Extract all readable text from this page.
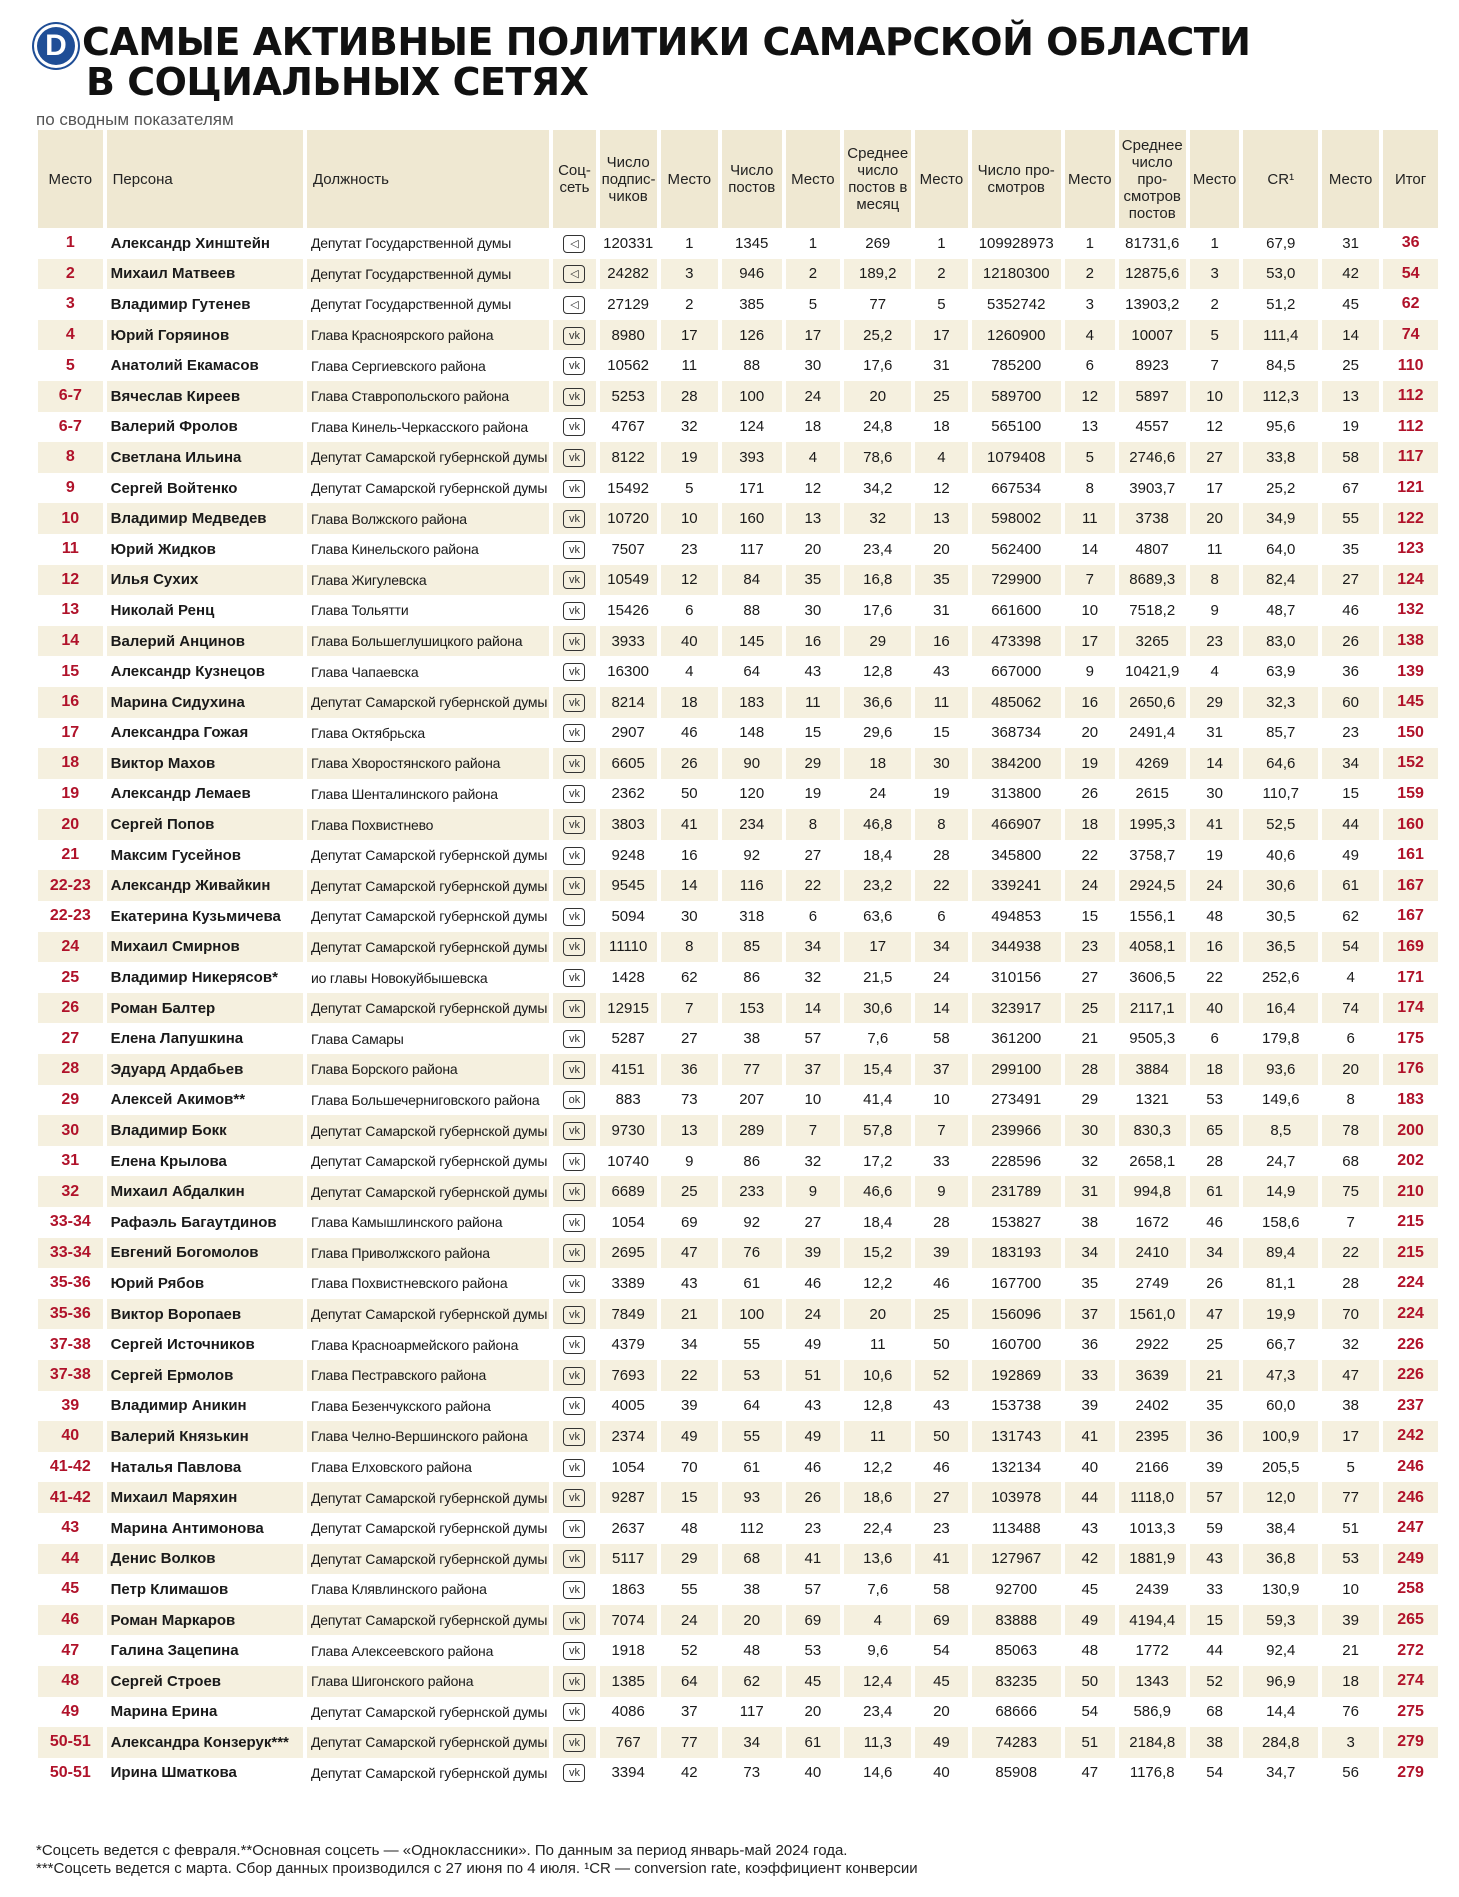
D САМЫЕ АКТИВНЫЕ ПОЛИТИКИ САМАРСКОЙ ОБЛАСТИ
В СОЦИАЛЬНЫХ СЕТЯХ
по сводным показателям
Место	Персона	Должность	Соц-сеть	Число подпис-чиков	Место	Число постов	Место	Среднее число постов в месяц	Место	Число про-смотров	Место	Среднее число про-смотров постов	Место	CR¹	Место	Итог
1	Александр Хинштейн	Депутат Государственной думы	◁	120331	1	1345	1	269	1	109928973	1	81731,6	1	67,9	31	36
2	Михаил Матвеев	Депутат Государственной думы	◁	24282	3	946	2	189,2	2	12180300	2	12875,6	3	53,0	42	54
3	Владимир Гутенев	Депутат Государственной думы	◁	27129	2	385	5	77	5	5352742	3	13903,2	2	51,2	45	62
4	Юрий Горяинов	Глава Красноярского района	vk	8980	17	126	17	25,2	17	1260900	4	10007	5	111,4	14	74
5	Анатолий Екамасов	Глава Сергиевского района	vk	10562	11	88	30	17,6	31	785200	6	8923	7	84,5	25	110
6-7	Вячеслав Киреев	Глава Ставропольского района	vk	5253	28	100	24	20	25	589700	12	5897	10	112,3	13	112
6-7	Валерий Фролов	Глава Кинель-Черкасского района	vk	4767	32	124	18	24,8	18	565100	13	4557	12	95,6	19	112
8	Светлана Ильина	Депутат Самарской губернской думы	vk	8122	19	393	4	78,6	4	1079408	5	2746,6	27	33,8	58	117
9	Сергей Войтенко	Депутат Самарской губернской думы	vk	15492	5	171	12	34,2	12	667534	8	3903,7	17	25,2	67	121
10	Владимир Медведев	Глава Волжского района	vk	10720	10	160	13	32	13	598002	11	3738	20	34,9	55	122
11	Юрий Жидков	Глава Кинельского района	vk	7507	23	117	20	23,4	20	562400	14	4807	11	64,0	35	123
12	Илья Сухих	Глава Жигулевска	vk	10549	12	84	35	16,8	35	729900	7	8689,3	8	82,4	27	124
13	Николай Ренц	Глава Тольятти	vk	15426	6	88	30	17,6	31	661600	10	7518,2	9	48,7	46	132
14	Валерий Анцинов	Глава Большеглушицкого района	vk	3933	40	145	16	29	16	473398	17	3265	23	83,0	26	138
15	Александр Кузнецов	Глава Чапаевска	vk	16300	4	64	43	12,8	43	667000	9	10421,9	4	63,9	36	139
16	Марина Сидухина	Депутат Самарской губернской думы	vk	8214	18	183	11	36,6	11	485062	16	2650,6	29	32,3	60	145
17	Александра Гожая	Глава Октябрьска	vk	2907	46	148	15	29,6	15	368734	20	2491,4	31	85,7	23	150
18	Виктор Махов	Глава Хворостянского района	vk	6605	26	90	29	18	30	384200	19	4269	14	64,6	34	152
19	Александр Лемаев	Глава Шенталинского района	vk	2362	50	120	19	24	19	313800	26	2615	30	110,7	15	159
20	Сергей Попов	Глава Похвистнево	vk	3803	41	234	8	46,8	8	466907	18	1995,3	41	52,5	44	160
21	Максим Гусейнов	Депутат Самарской губернской думы	vk	9248	16	92	27	18,4	28	345800	22	3758,7	19	40,6	49	161
22-23	Александр Живайкин	Депутат Самарской губернской думы	vk	9545	14	116	22	23,2	22	339241	24	2924,5	24	30,6	61	167
22-23	Екатерина Кузьмичева	Депутат Самарской губернской думы	vk	5094	30	318	6	63,6	6	494853	15	1556,1	48	30,5	62	167
24	Михаил Смирнов	Депутат Самарской губернской думы	vk	11110	8	85	34	17	34	344938	23	4058,1	16	36,5	54	169
25	Владимир Никерясов*	ио главы Новокуйбышевска	vk	1428	62	86	32	21,5	24	310156	27	3606,5	22	252,6	4	171
26	Роман Балтер	Депутат Самарской губернской думы	vk	12915	7	153	14	30,6	14	323917	25	2117,1	40	16,4	74	174
27	Елена Лапушкина	Глава Самары	vk	5287	27	38	57	7,6	58	361200	21	9505,3	6	179,8	6	175
28	Эдуард Ардабьев	Глава Борского района	vk	4151	36	77	37	15,4	37	299100	28	3884	18	93,6	20	176
29	Алексей Акимов**	Глава Большечерниговского района	ok	883	73	207	10	41,4	10	273491	29	1321	53	149,6	8	183
30	Владимир Бокк	Депутат Самарской губернской думы	vk	9730	13	289	7	57,8	7	239966	30	830,3	65	8,5	78	200
31	Елена Крылова	Депутат Самарской губернской думы	vk	10740	9	86	32	17,2	33	228596	32	2658,1	28	24,7	68	202
32	Михаил Абдалкин	Депутат Самарской губернской думы	vk	6689	25	233	9	46,6	9	231789	31	994,8	61	14,9	75	210
33-34	Рафаэль Багаутдинов	Глава Камышлинского района	vk	1054	69	92	27	18,4	28	153827	38	1672	46	158,6	7	215
33-34	Евгений Богомолов	Глава Приволжского района	vk	2695	47	76	39	15,2	39	183193	34	2410	34	89,4	22	215
35-36	Юрий Рябов	Глава Похвистневского района	vk	3389	43	61	46	12,2	46	167700	35	2749	26	81,1	28	224
35-36	Виктор Воропаев	Депутат Самарской губернской думы	vk	7849	21	100	24	20	25	156096	37	1561,0	47	19,9	70	224
37-38	Сергей Источников	Глава Красноармейского района	vk	4379	34	55	49	11	50	160700	36	2922	25	66,7	32	226
37-38	Сергей Ермолов	Глава Пестравского района	vk	7693	22	53	51	10,6	52	192869	33	3639	21	47,3	47	226
39	Владимир Аникин	Глава Безенчукского района	vk	4005	39	64	43	12,8	43	153738	39	2402	35	60,0	38	237
40	Валерий Князькин	Глава Челно-Вершинского района	vk	2374	49	55	49	11	50	131743	41	2395	36	100,9	17	242
41-42	Наталья Павлова	Глава Елховского района	vk	1054	70	61	46	12,2	46	132134	40	2166	39	205,5	5	246
41-42	Михаил Маряхин	Депутат Самарской губернской думы	vk	9287	15	93	26	18,6	27	103978	44	1118,0	57	12,0	77	246
43	Марина Антимонова	Депутат Самарской губернской думы	vk	2637	48	112	23	22,4	23	113488	43	1013,3	59	38,4	51	247
44	Денис Волков	Депутат Самарской губернской думы	vk	5117	29	68	41	13,6	41	127967	42	1881,9	43	36,8	53	249
45	Петр Климашов	Глава Клявлинского района	vk	1863	55	38	57	7,6	58	92700	45	2439	33	130,9	10	258
46	Роман Маркаров	Депутат Самарской губернской думы	vk	7074	24	20	69	4	69	83888	49	4194,4	15	59,3	39	265
47	Галина Зацепина	Глава Алексеевского района	vk	1918	52	48	53	9,6	54	85063	48	1772	44	92,4	21	272
48	Сергей Строев	Глава Шигонского района	vk	1385	64	62	45	12,4	45	83235	50	1343	52	96,9	18	274
49	Марина Ерина	Депутат Самарской губернской думы	vk	4086	37	117	20	23,4	20	68666	54	586,9	68	14,4	76	275
50-51	Александра Конзерук***	Депутат Самарской губернской думы	vk	767	77	34	61	11,3	49	74283	51	2184,8	38	284,8	3	279
50-51	Ирина Шматкова	Депутат Самарской губернской думы	vk	3394	42	73	40	14,6	40	85908	47	1176,8	54	34,7	56	279
*Соцсеть ведется с февраля.**Основная соцсеть — «Одноклассники». По данным за период январь-май 2024 года.
***Соцсеть ведется с марта. Сбор данных производился с 27 июня по 4 июля. ¹CR — conversion rate, коэффициент конверсии
